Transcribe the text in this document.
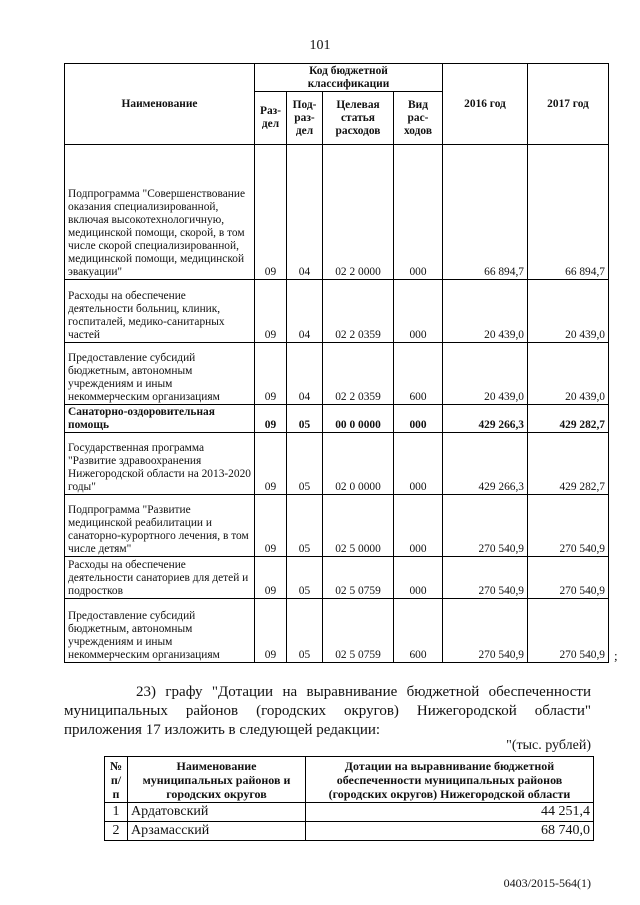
101
Наименование	Код бюджетной классификации				2016 год	2017 год
	Раз-дел	Под-раз-дел	Целевая статья расходов	Вид рас-ходов		
Подпрограмма "Совершенствование оказания специализированной, включая высокотехнологичную, медицинской помощи, скорой, в том числе скорой специализированной, медицинской помощи, медицинской эвакуации"	09	04	02 2 0000	000	66 894,7	66 894,7
Расходы на обеспечение деятельности больниц, клиник, госпиталей, медико-санитарных частей	09	04	02 2 0359	000	20 439,0	20 439,0
Предоставление субсидий бюджетным, автономным учреждениям и иным некоммерческим организациям	09	04	02 2 0359	600	20 439,0	20 439,0
Санаторно-оздоровительная помощь	09	05	00 0 0000	000	429 266,3	429 282,7
Государственная программа "Развитие здравоохранения Нижегородской области на 2013-2020 годы"	09	05	02 0 0000	000	429 266,3	429 282,7
Подпрограмма "Развитие медицинской реабилитации и санаторно-курортного лечения, в том числе детям"	09	05	02 5 0000	000	270 540,9	270 540,9
Расходы на обеспечение деятельности санаториев для детей и подростков	09	05	02 5 0759	000	270 540,9	270 540,9
Предоставление субсидий бюджетным, автономным учреждениям и иным некоммерческим организациям	09	05	02 5 0759	600	270 540,9	270 540,9 ;
23) графу "Дотации на выравнивание бюджетной обеспеченности
муниципальных районов (городских округов) Нижегородской области"
приложения 17 изложить в следующей редакции:
"(тыс. рублей)
№ п/п	Наименование муниципальных районов и городских округов	Дотации на выравнивание бюджетной обеспеченности муниципальных районов (городских округов) Нижегородской области
1	Ардатовский	44 251,4
2	Арзамасский	68 740,0
0403/2015-564(1)
